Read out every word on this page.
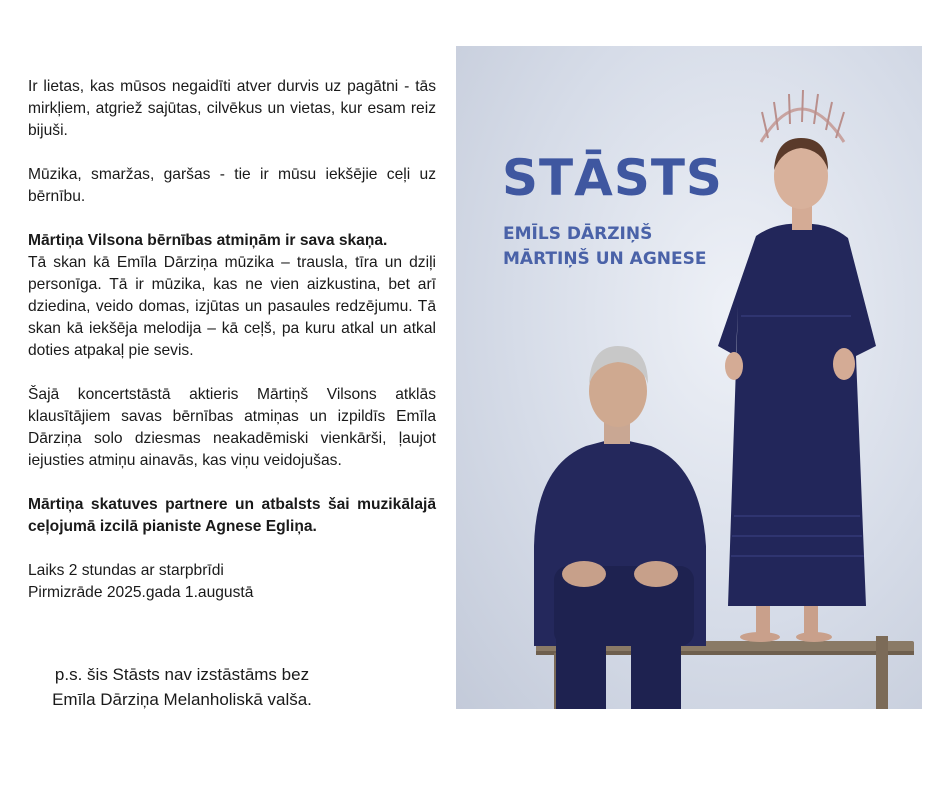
Ir lietas, kas mūsos negaidīti atver durvis uz pagātni - tās mirkļiem, atgriež sajūtas, cilvēkus un vietas, kur esam reiz bijuši.

Mūzika, smaržas, garšas - tie ir mūsu iekšējie ceļi uz bērnību.

Mārtiņa Vilsona bērnības atmiņām ir sava skaņa.
Tā skan kā Emīla Dārziņa mūzika – trausla, tīra un dziļi personīga. Tā ir mūzika, kas ne vien aizkustina, bet arī dziedina, veido domas, izjūtas un pasaules redzējumu. Tā skan kā iekšēja melodija – kā ceļš, pa kuru atkal un atkal doties atpakaļ pie sevis.

Šajā koncertstāstā aktieris Mārtiņš Vilsons atklās klausītājiem savas bērnības atmiņas un izpildīs Emīla Dārziņa solo dziesmas neakadēmiski vienkārši, ļaujot iejusties atmiņu ainavās, kas viņu veidojušas.

Mārtiņa skatuves partnere un atbalsts šai muzikālajā ceļojumā izcilā pianiste Agnese Egliņa.

Laiks 2 stundas ar starpbrīdi

Pirmizrāde 2025.gada 1.augustā

p.s. šis Stāsts nav izstāstāms bez
Emīla Dārziņa Melanholiskā valša.
STĀSTS
EMĪLS DĀRZIŅŠ
MĀRTIŅŠ UN AGNESE
